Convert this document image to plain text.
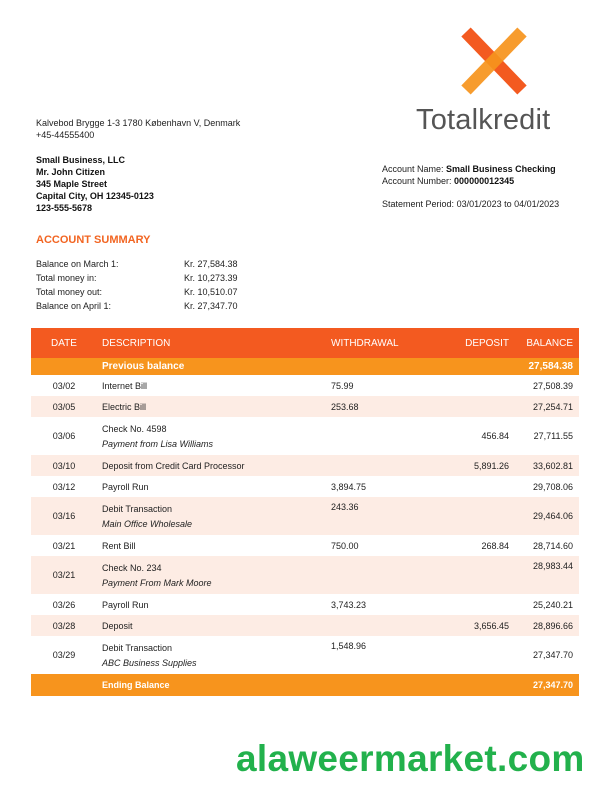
Totalkredit
Kalvebod Brygge 1-3 1780 København V, Denmark
+45-44555400
Small Business, LLC
Mr. John Citizen
345 Maple Street
Capital City, OH 12345-0123
123-555-5678
Account Name: Small Business Checking
Account Number: 000000012345
Statement Period: 03/01/2023 to 04/01/2023
ACCOUNT SUMMARY
Balance on March 1:	Kr. 27,584.38
Total money in:	Kr. 10,273.39
Total money out:	Kr. 10,510.07
Balance on April 1:	Kr. 27,347.70
DATE	DESCRIPTION	WITHDRAWAL	DEPOSIT	BALANCE
	Previous balance			27,584.38
03/02	Internet Bill	75.99		27,508.39
03/05	Electric Bill	253.68		27,254.71
03/06	Check No. 4598
Payment from Lisa Williams		456.84	27,711.55
03/10	Deposit from Credit Card Processor		5,891.26	33,602.81
03/12	Payroll Run	3,894.75		29,708.06
03/16	Debit Transaction
Main Office Wholesale	243.36		29,464.06
03/21	Rent Bill	750.00	268.84	28,714.60
03/21	Check No. 234
Payment From Mark Moore			28,983.44
03/26	Payroll Run	3,743.23		25,240.21
03/28	Deposit		3,656.45	28,896.66
03/29	Debit Transaction
ABC Business Supplies	1,548.96		27,347.70
	Ending Balance			27,347.70
alaweermarket.com
